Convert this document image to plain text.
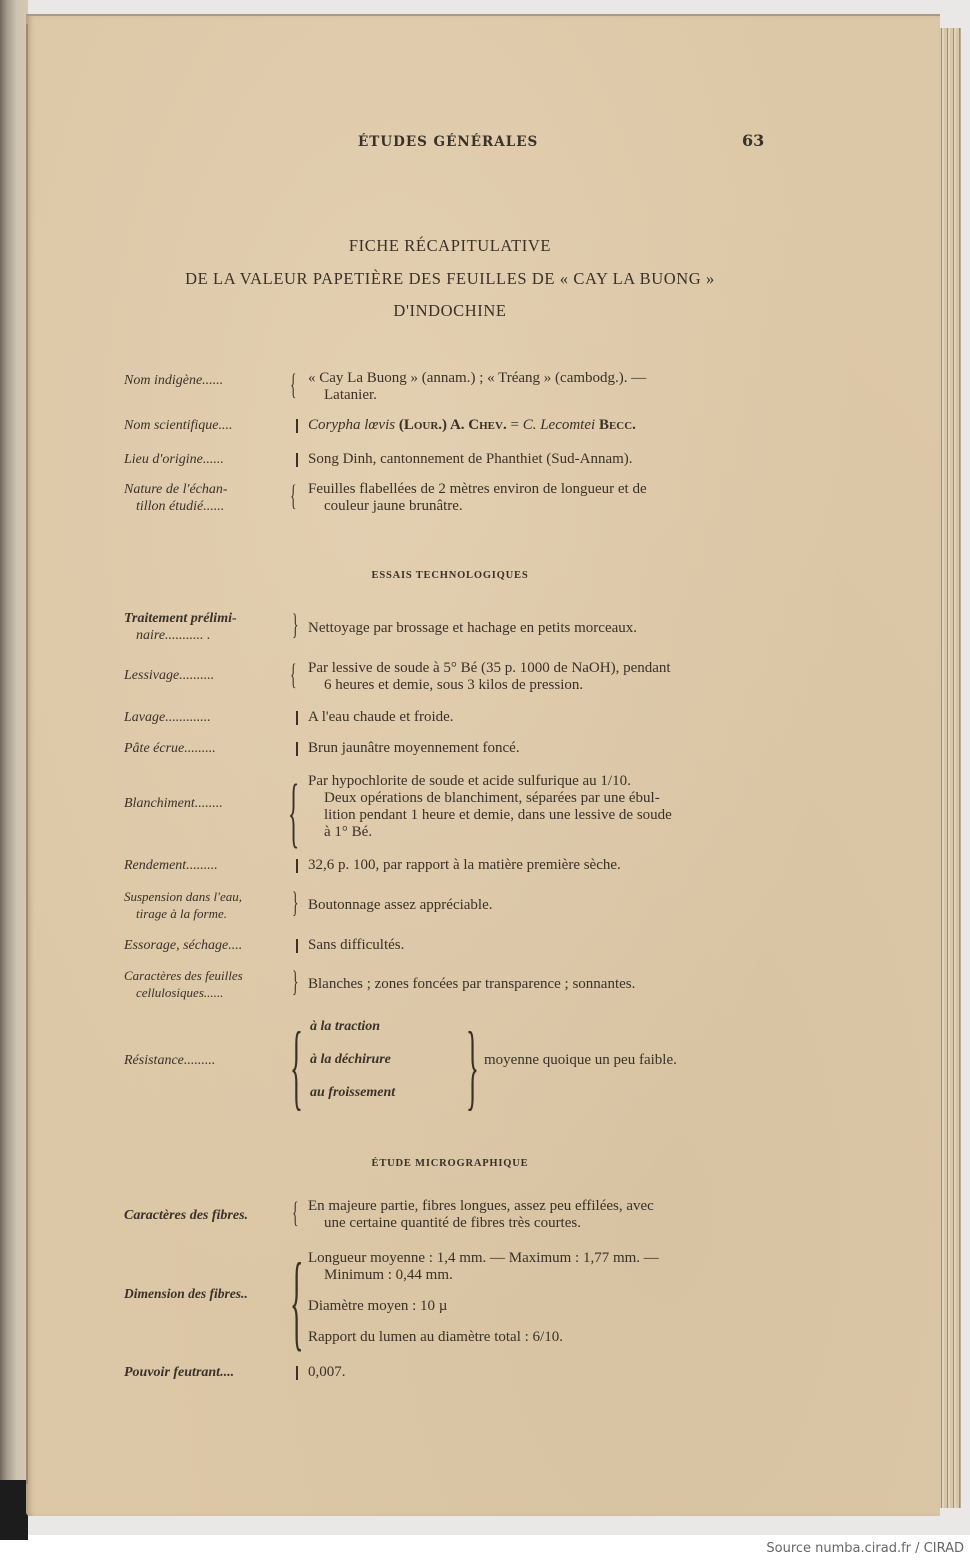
ÉTUDES GÉNÉRALES	63
FICHE RÉCAPITULATIVE
DE LA VALEUR PAPETIÈRE DES FEUILLES DE « CAY LA BUONG »
D'INDOCHINE
Nom indigène......	{ « Cay La Buong » (annam.) ; « Tréang » (cambodg.). —
Latanier.
Nom scientifique....	Corypha lœvis (Lour.) A. Chev. = C. Lecomtei Becc.
Lieu d'origine......	Song Dinh, cantonnement de Phanthiet (Sud-Annam).
Nature de l'échan-
tillon étudié......	{ Feuilles flabellées de 2 mètres environ de longueur et de
couleur jaune brunâtre.
ESSAIS TECHNOLOGIQUES
Traitement prélimi-
naire........... .	} Nettoyage par brossage et hachage en petits morceaux.
Lessivage..........	{ Par lessive de soude à 5° Bé (35 p. 1000 de NaOH), pendant
6 heures et demie, sous 3 kilos de pression.
Lavage.............	A l'eau chaude et froide.
Pâte écrue.........	Brun jaunâtre moyennement foncé.
Blanchiment........ { Par hypochlorite de soude et acide sulfurique au 1/10.
Deux opérations de blanchiment, séparées par une ébul-
lition pendant 1 heure et demie, dans une lessive de soude
à 1° Bé.
Rendement.........	32,6 p. 100, par rapport à la matière première sèche.
Suspension dans l'eau,
tirage à la forme.	} Boutonnage assez appréciable.
Essorage, séchage....	Sans difficultés.
Caractères des feuilles
cellulosiques......	} Blanches ; zones foncées par transparence ; sonnantes.
Résistance......... { à la traction
à la déchirure
au froissement } moyenne quoique un peu faible.
ÉTUDE MICROGRAPHIQUE
Caractères des fibres.	{ En majeure partie, fibres longues, assez peu effilées, avec
une certaine quantité de fibres très courtes.
Dimension des fibres.. { Longueur moyenne : 1,4 mm. — Maximum : 1,77 mm. —
Minimum : 0,44 mm.
Diamètre moyen : 10 µ
Rapport du lumen au diamètre total : 6/10.
Pouvoir feutrant....	0,007.
Source numba.cirad.fr / CIRAD
